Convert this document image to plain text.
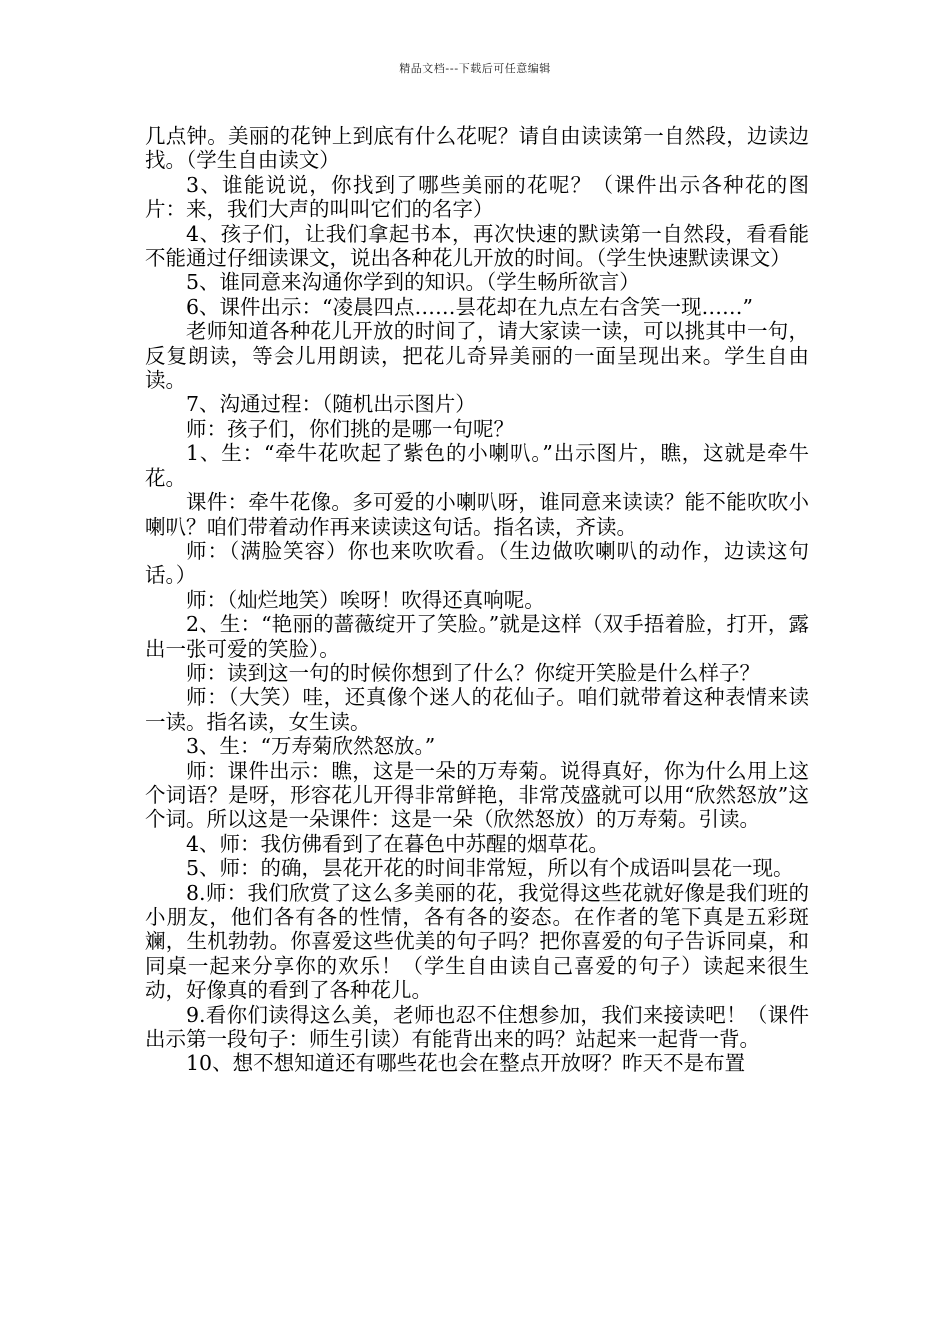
精品文档---下载后可任意编辑

几点钟。美丽的花钟上到底有什么花呢？请自由读读第一自然段，边读边找。（学生自由读文）

3、谁能说说，你找到了哪些美丽的花呢？（课件出示各种花的图片：来，我们大声的叫叫它们的名字）

4、孩子们，让我们拿起书本，再次快速的默读第一自然段，看看能不能通过仔细读课文，说出各种花儿开放的时间。（学生快速默读课文）

5、谁同意来沟通你学到的知识。（学生畅所欲言）

6、课件出示：“凌晨四点……昙花却在九点左右含笑一现……”

老师知道各种花儿开放的时间了，请大家读一读，可以挑其中一句，反复朗读，等会儿用朗读，把花儿奇异美丽的一面呈现出来。学生自由读。

7、沟通过程：（随机出示图片）

师：孩子们，你们挑的是哪一句呢？

1、生：“牵牛花吹起了紫色的小喇叭。”出示图片，瞧，这就是牵牛花。

课件：牵牛花像。多可爱的小喇叭呀，谁同意来读读？能不能吹吹小喇叭？咱们带着动作再来读读这句话。指名读，齐读。

师：（满脸笑容）你也来吹吹看。（生边做吹喇叭的动作，边读这句话。）

师：（灿烂地笑）唉呀！吹得还真响呢。

2、生：“艳丽的蔷薇绽开了笑脸。”就是这样（双手捂着脸，打开，露出一张可爱的笑脸）。

师：读到这一句的时候你想到了什么？你绽开笑脸是什么样子？

师：（大笑）哇，还真像个迷人的花仙子。咱们就带着这种表情来读一读。指名读，女生读。

3、生：“万寿菊欣然怒放。”

师：课件出示：瞧，这是一朵的万寿菊。说得真好，你为什么用上这个词语？是呀，形容花儿开得非常鲜艳，非常茂盛就可以用“欣然怒放”这个词。所以这是一朵课件：这是一朵（欣然怒放）的万寿菊。引读。

4、师：我仿佛看到了在暮色中苏醒的烟草花。

5、师：的确，昙花开花的时间非常短，所以有个成语叫昙花一现。

8.师：我们欣赏了这么多美丽的花，我觉得这些花就好像是我们班的小朋友，他们各有各的性情，各有各的姿态。在作者的笔下真是五彩斑斓，生机勃勃。你喜爱这些优美的句子吗？把你喜爱的句子告诉同桌，和同桌一起来分享你的欢乐！（学生自由读自己喜爱的句子）读起来很生动，好像真的看到了各种花儿。

9.看你们读得这么美，老师也忍不住想参加，我们来接读吧！（课件出示第一段句子：师生引读）有能背出来的吗？站起来一起背一背。

10、想不想知道还有哪些花也会在整点开放呀？昨天不是布置
